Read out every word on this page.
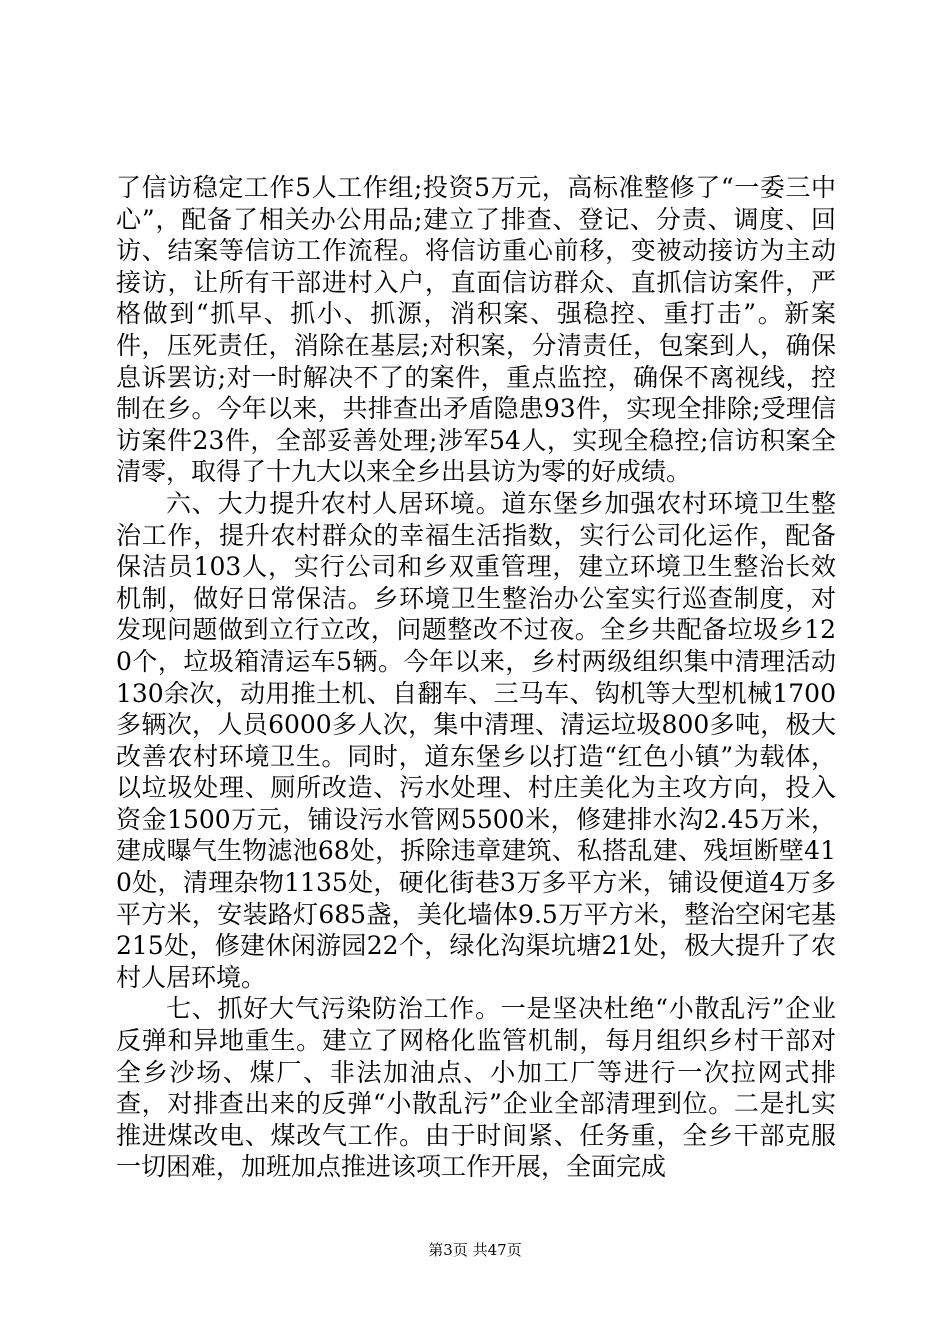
了信访稳定工作5人工作组;投资5万元，高标准整修了“一委三中心”，配备了相关办公用品;建立了排查、登记、分责、调度、回访、结案等信访工作流程。将信访重心前移，变被动接访为主动接访，让所有干部进村入户，直面信访群众、直抓信访案件，严格做到“抓早、抓小、抓源，消积案、强稳控、重打击”。新案件，压死责任，消除在基层;对积案，分清责任，包案到人，确保息诉罢访;对一时解决不了的案件，重点监控，确保不离视线，控制在乡。今年以来，共排查出矛盾隐患93件，实现全排除;受理信访案件23件，全部妥善处理;涉军54人，实现全稳控;信访积案全清零，取得了十九大以来全乡出县访为零的好成绩。

六、大力提升农村人居环境。道东堡乡加强农村环境卫生整治工作，提升农村群众的幸福生活指数，实行公司化运作，配备保洁员103人，实行公司和乡双重管理，建立环境卫生整治长效机制，做好日常保洁。乡环境卫生整治办公室实行巡查制度，对发现问题做到立行立改，问题整改不过夜。全乡共配备垃圾乡120个，垃圾箱清运车5辆。今年以来，乡村两级组织集中清理活动130余次，动用推土机、自翻车、三马车、钩机等大型机械1700多辆次，人员6000多人次，集中清理、清运垃圾800多吨，极大改善农村环境卫生。同时，道东堡乡以打造“红色小镇”为载体，以垃圾处理、厕所改造、污水处理、村庄美化为主攻方向，投入资金1500万元，铺设污水管网5500米，修建排水沟2.45万米，建成曝气生物滤池68处，拆除违章建筑、私搭乱建、残垣断壁410处，清理杂物1135处，硬化街巷3万多平方米，铺设便道4万多平方米，安装路灯685盏，美化墙体9.5万平方米，整治空闲宅基215处，修建休闲游园22个，绿化沟渠坑塘21处，极大提升了农村人居环境。

七、抓好大气污染防治工作。一是坚决杜绝“小散乱污”企业反弹和异地重生。建立了网格化监管机制，每月组织乡村干部对全乡沙场、煤厂、非法加油点、小加工厂等进行一次拉网式排查，对排查出来的反弹“小散乱污”企业全部清理到位。二是扎实推进煤改电、煤改气工作。由于时间紧、任务重，全乡干部克服一切困难，加班加点推进该项工作开展，全面完成

第3页 共47页
